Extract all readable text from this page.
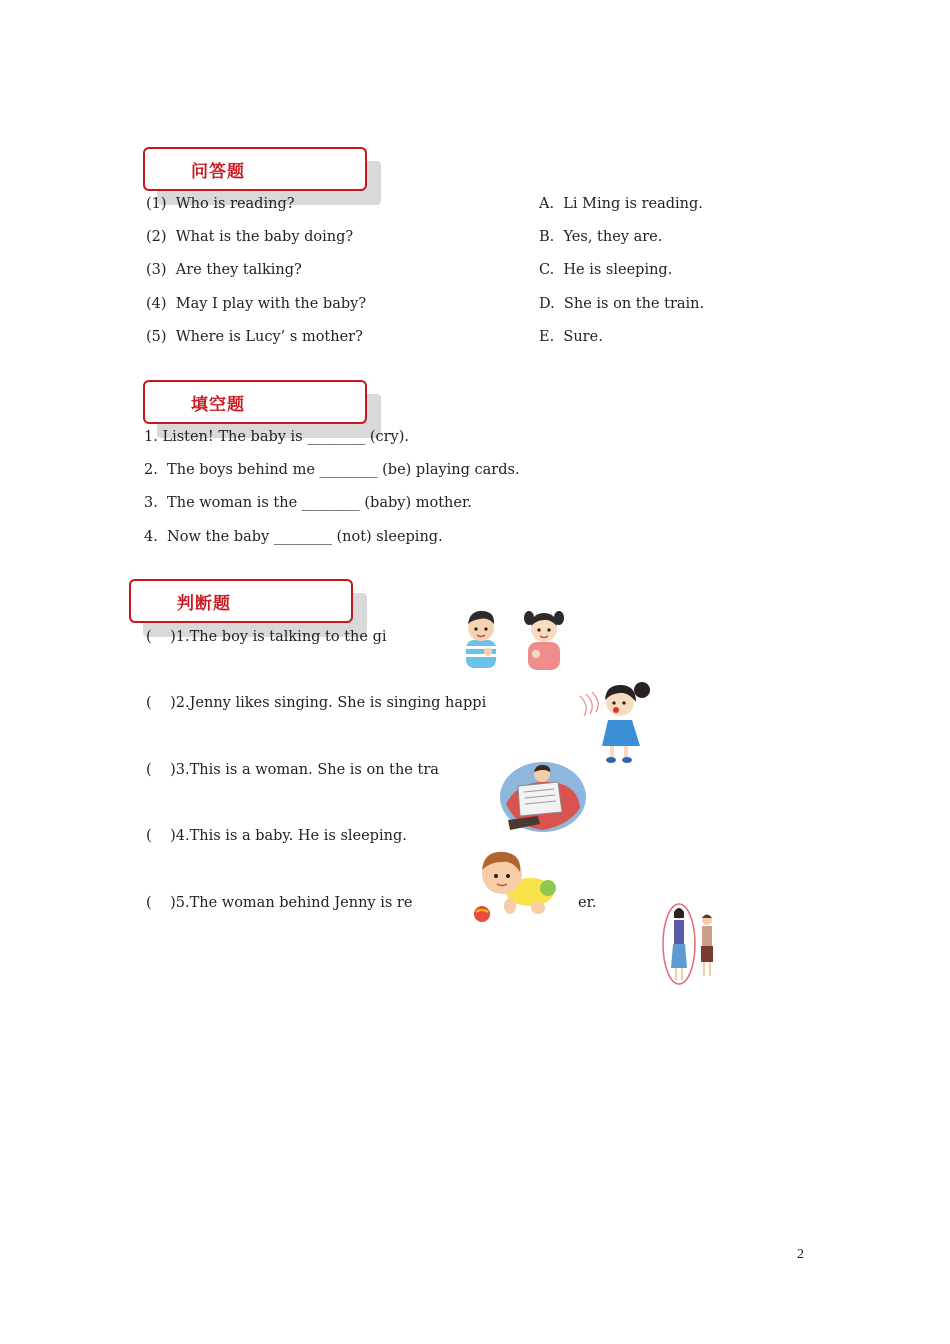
问答题
(1)  Who is reading?
(2)  What is the baby doing?
(3)  Are they talking?
(4)  May I play with the baby?
(5)  Where is Lucy’ s mother?
A.  Li Ming is reading.
B.  Yes, they are.
C.  He is sleeping.
D.  She is on the train.
E.  Sure.
填空题
1. Listen! The baby is ________ (cry).
2.  The boys behind me ________ (be) playing cards.
3.  The woman is the ________ (baby) mother.
4.  Now the baby ________ (not) sleeping.
判断题
(    )1.The boy is talking to the gi
(    )2.Jenny likes singing. She is singing happi
(    )3.This is a woman. She is on the tra
(    )4.This is a baby. He is sleeping.
(    )5.The woman behind Jenny is re	er.
2
